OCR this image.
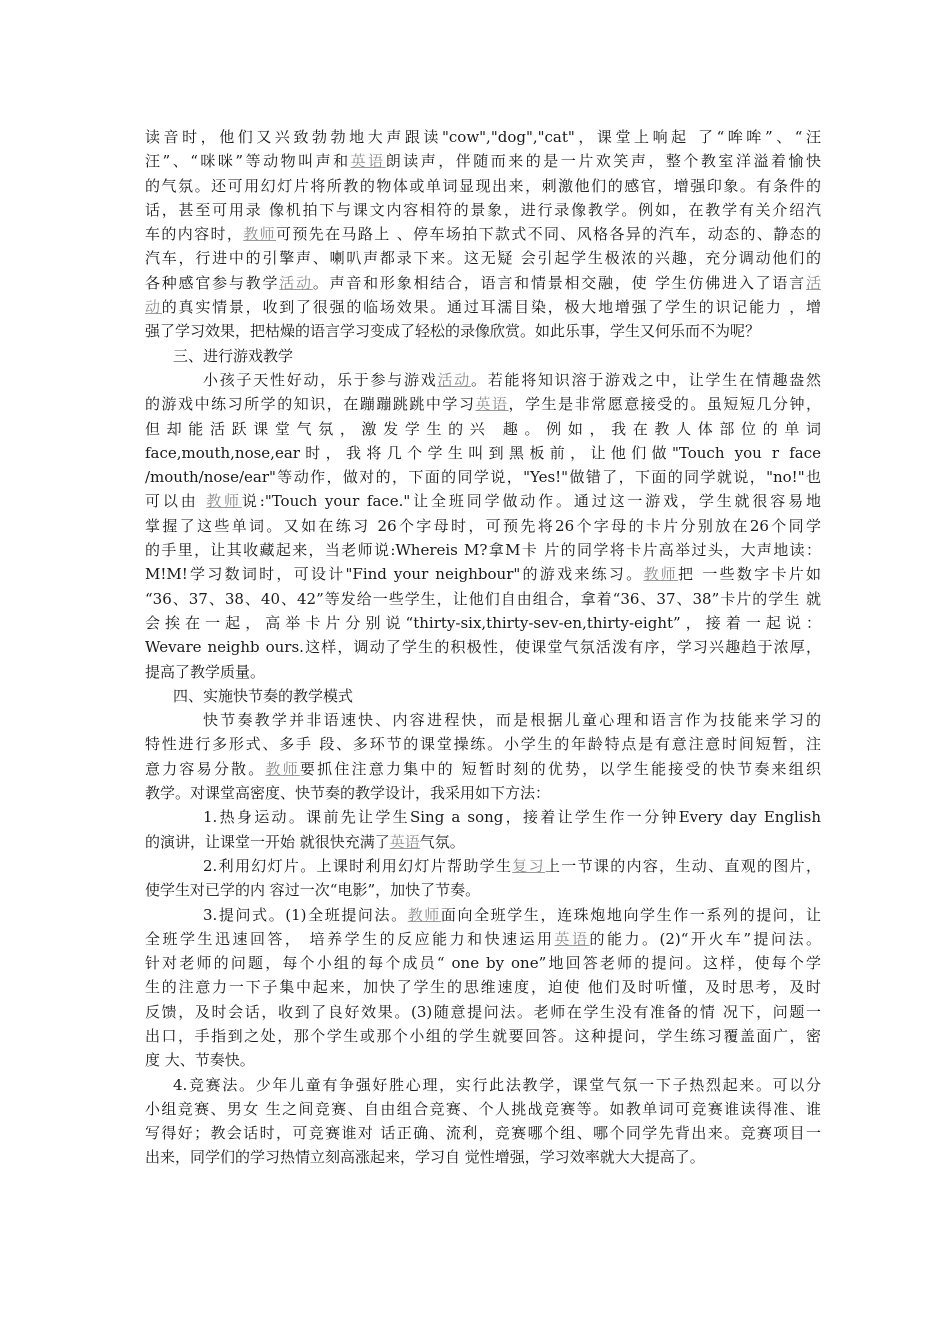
读音时，他们又兴致勃勃地大声跟读"cow","dog","cat"，课堂上响起 了“哞哞”、“汪
汪”、“咪咪”等动物叫声和英语朗读声，伴随而来的是一片欢笑声，整个教室洋溢着愉快
的气氛。还可用幻灯片将所教的物体或单词显现出来，刺激他们的感官，增强印象。有条件的
话，甚至可用录 像机拍下与课文内容相符的景象，进行录像教学。例如，在教学有关介绍汽
车的内容时，教师可预先在马路上 、停车场拍下款式不同、风格各异的汽车，动态的、静态的
汽车，行进中的引擎声、喇叭声都录下来。这无疑 会引起学生极浓的兴趣，充分调动他们的
各种感官参与教学活动。声音和形象相结合，语言和情景相交融，使 学生仿佛进入了语言活
动的真实情景，收到了很强的临场效果。通过耳濡目染，极大地增强了学生的识记能力 ，增
强了学习效果，把枯燥的语言学习变成了轻松的录像欣赏。如此乐事，学生又何乐而不为呢？
三、进行游戏教学
小孩子天性好动，乐于参与游戏活动。若能将知识溶于游戏之中，让学生在情趣盎然
的游戏中练习所学的知识，在蹦蹦跳跳中学习英语，学生是非常愿意接受的。虽短短几分钟，
但却能活跃课堂气氛，激发学生的兴 趣。例如，我在教人体部位的单词
face,mouth,nose,ear时，我将几个学生叫到黑板前，让他们做"Touch you r face
/mouth/nose/ear"等动作，做对的，下面的同学说，"Yes!"做错了，下面的同学就说，"no!"也
可以由 教师说:"Touch your face."让全班同学做动作。通过这一游戏，学生就很容易地
掌握了这些单词。又如在练习 26个字母时，可预先将26个字母的卡片分别放在26个同学
的手里，让其收藏起来，当老师说:Whereis M?拿M卡 片的同学将卡片高举过头，大声地读：
M!M!学习数词时，可设计"Find your neighbour"的游戏来练习。教师把 一些数字卡片如
“36、37、38、40、42”等发给一些学生，让他们自由组合，拿着“36、37、38”卡片的学生 就
会挨在一起，高举卡片分别说“thirty-six,thirty-sev-en,thirty-eight”，接着一起说：
Wevare neighb ours.这样，调动了学生的积极性，使课堂气氛活泼有序，学习兴趣趋于浓厚，
提高了教学质量。
四、实施快节奏的教学模式
快节奏教学并非语速快、内容进程快，而是根据儿童心理和语言作为技能来学习的
特性进行多形式、多手 段、多环节的课堂操练。小学生的年龄特点是有意注意时间短暂，注
意力容易分散。教师要抓住注意力集中的 短暂时刻的优势，以学生能接受的快节奏来组织
教学。对课堂高密度、快节奏的教学设计，我采用如下方法：
1.热身运动。课前先让学生Sing a song，接着让学生作一分钟Every day English
的演讲，让课堂一开始 就很快充满了英语气氛。
2.利用幻灯片。上课时利用幻灯片帮助学生复习上一节课的内容，生动、直观的图片，
使学生对已学的内 容过一次“电影”，加快了节奏。
3.提问式。(1)全班提问法。教师面向全班学生，连珠炮地向学生作一系列的提问，让
全班学生迅速回答， 培养学生的反应能力和快速运用英语的能力。(2)“开火车”提问法。
针对老师的问题，每个小组的每个成员“ one by one”地回答老师的提问。这样，使每个学
生的注意力一下子集中起来，加快了学生的思维速度，迫使 他们及时听懂，及时思考，及时
反馈，及时会话，收到了良好效果。(3)随意提问法。老师在学生没有准备的情 况下，问题一
出口，手指到之处，那个学生或那个小组的学生就要回答。这种提问，学生练习覆盖面广，密
度 大、节奏快。
4.竞赛法。少年儿童有争强好胜心理，实行此法教学，课堂气氛一下子热烈起来。可以分
小组竞赛、男女 生之间竞赛、自由组合竞赛、个人挑战竞赛等。如教单词可竞赛谁读得准、谁
写得好；教会话时，可竞赛谁对 话正确、流利，竞赛哪个组、哪个同学先背出来。竞赛项目一
出来，同学们的学习热情立刻高涨起来，学习自 觉性增强，学习效率就大大提高了。
